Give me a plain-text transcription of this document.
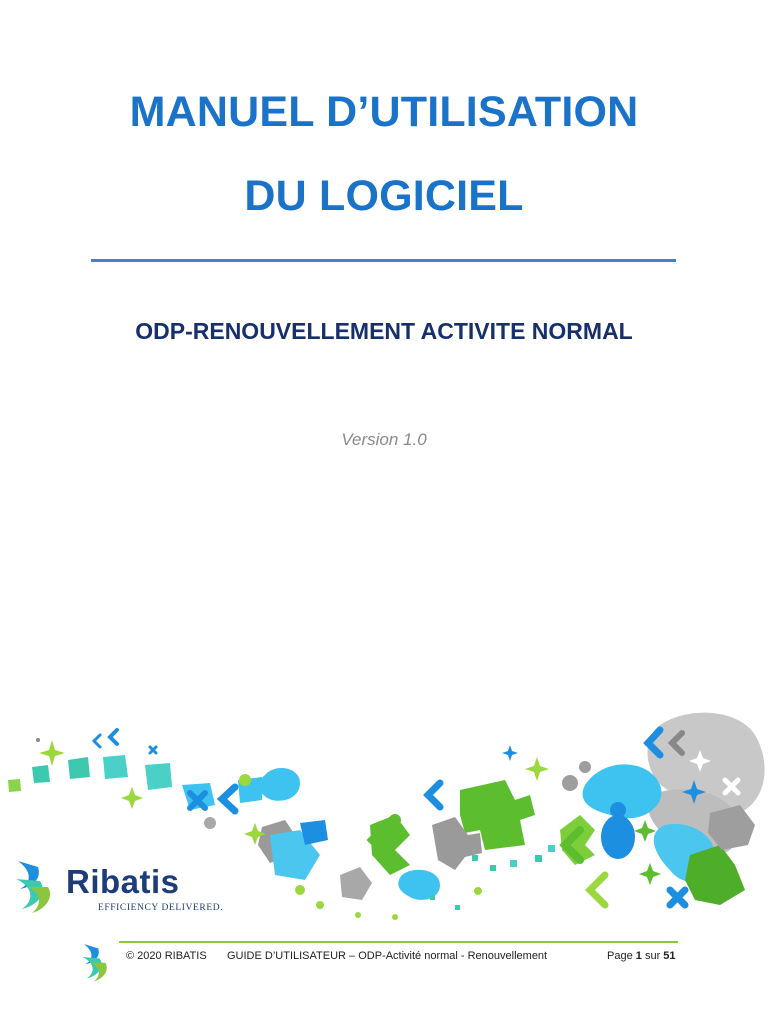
MANUEL D’UTILISATION
DU LOGICIEL
ODP-RENOUVELLEMENT ACTIVITE NORMAL
Version 1.0
Ribatis
EFFICIENCY DELIVERED.
© 2020 RIBATIS GUIDE D’UTILISATEUR – ODP-Activité normal - Renouvellement	Page 1 sur 51
